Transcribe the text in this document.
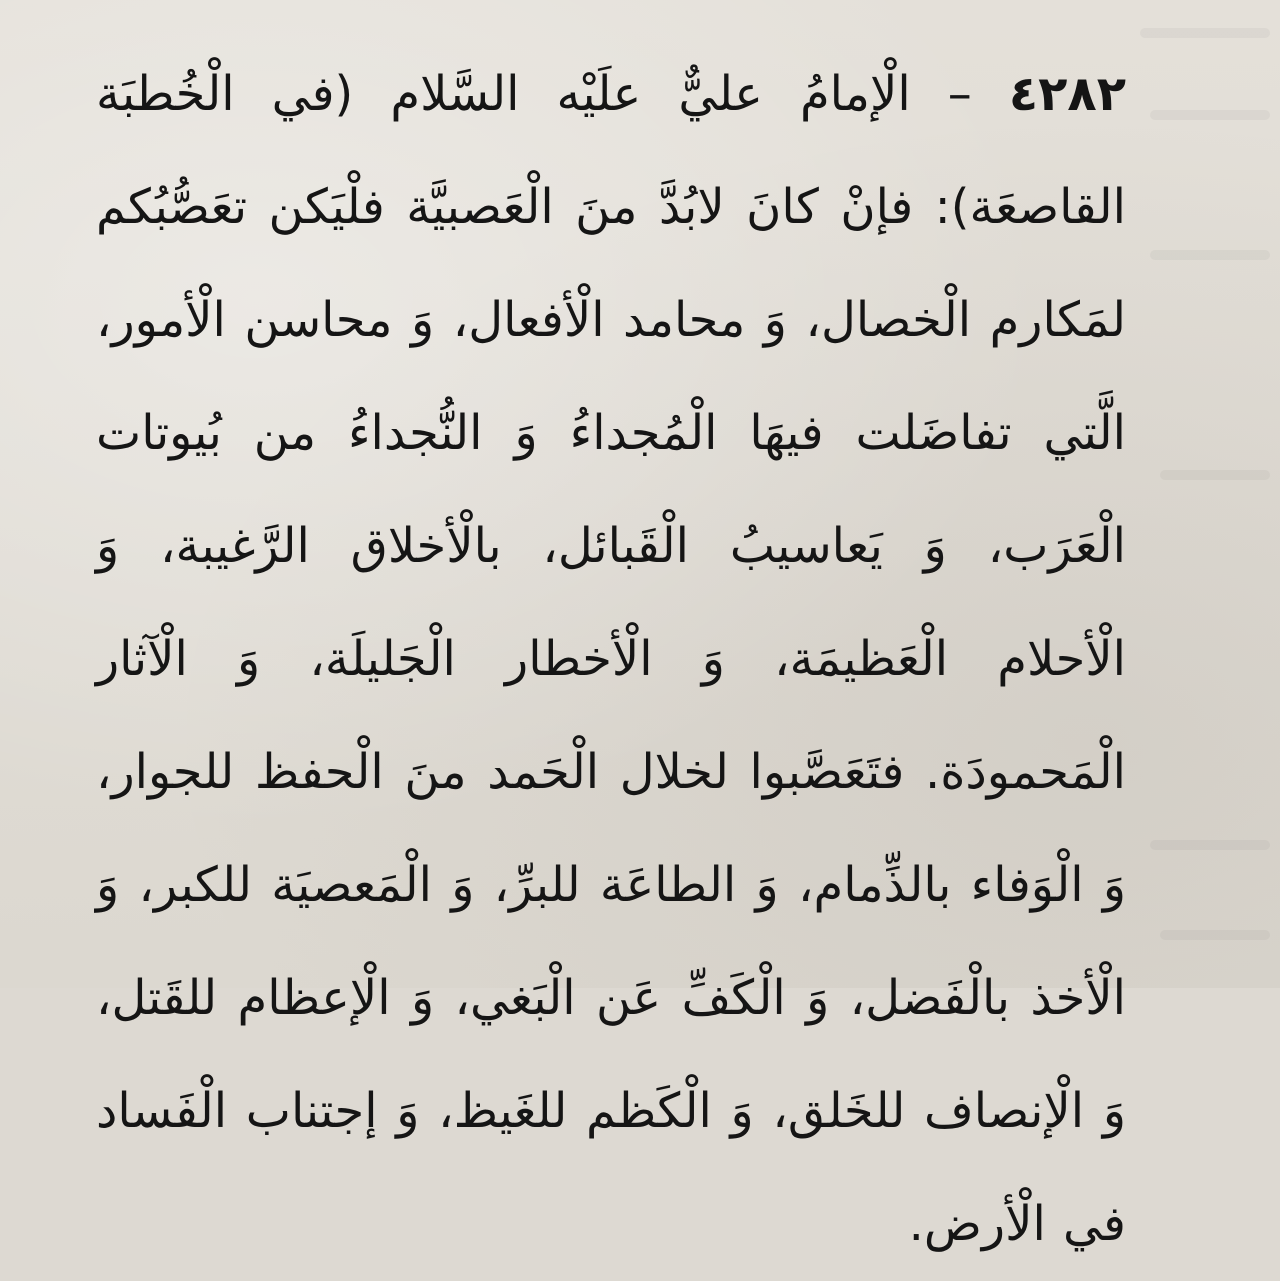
٤٢٨٢ – الْإمامُ عليٌّ علَيْه السَّلام (في الْخُطبَة القاصعَة): فإنْ كانَ لابُدَّ منَ الْعَصبيَّة فلْيَكن تعَصُّبُكم لمَكارم الْخصال، وَ محامد الْأفعال، وَ محاسن الْأمور، الَّتي تفاضَلت فيهَا الْمُجداءُ وَ النُّجداءُ من بُيوتات الْعَرَب، وَ يَعاسيبُ الْقَبائل، بالْأخلاق الرَّغيبة، وَ الْأحلام الْعَظيمَة، وَ الْأخطار الْجَليلَة، وَ الْآثار الْمَحمودَة. فتَعَصَّبوا لخلال الْحَمد منَ الْحفظ للجوار، وَ الْوَفاء بالذِّمام، وَ الطاعَة للبرِّ، وَ الْمَعصيَة للكبر، وَ الْأخذ بالْفَضل، وَ الْكَفِّ عَن الْبَغي، وَ الْإعظام للقَتل، وَ الْإنصاف للخَلق، وَ الْكَظم للغَيظ، وَ إجتناب الْفَساد في الْأرض.
